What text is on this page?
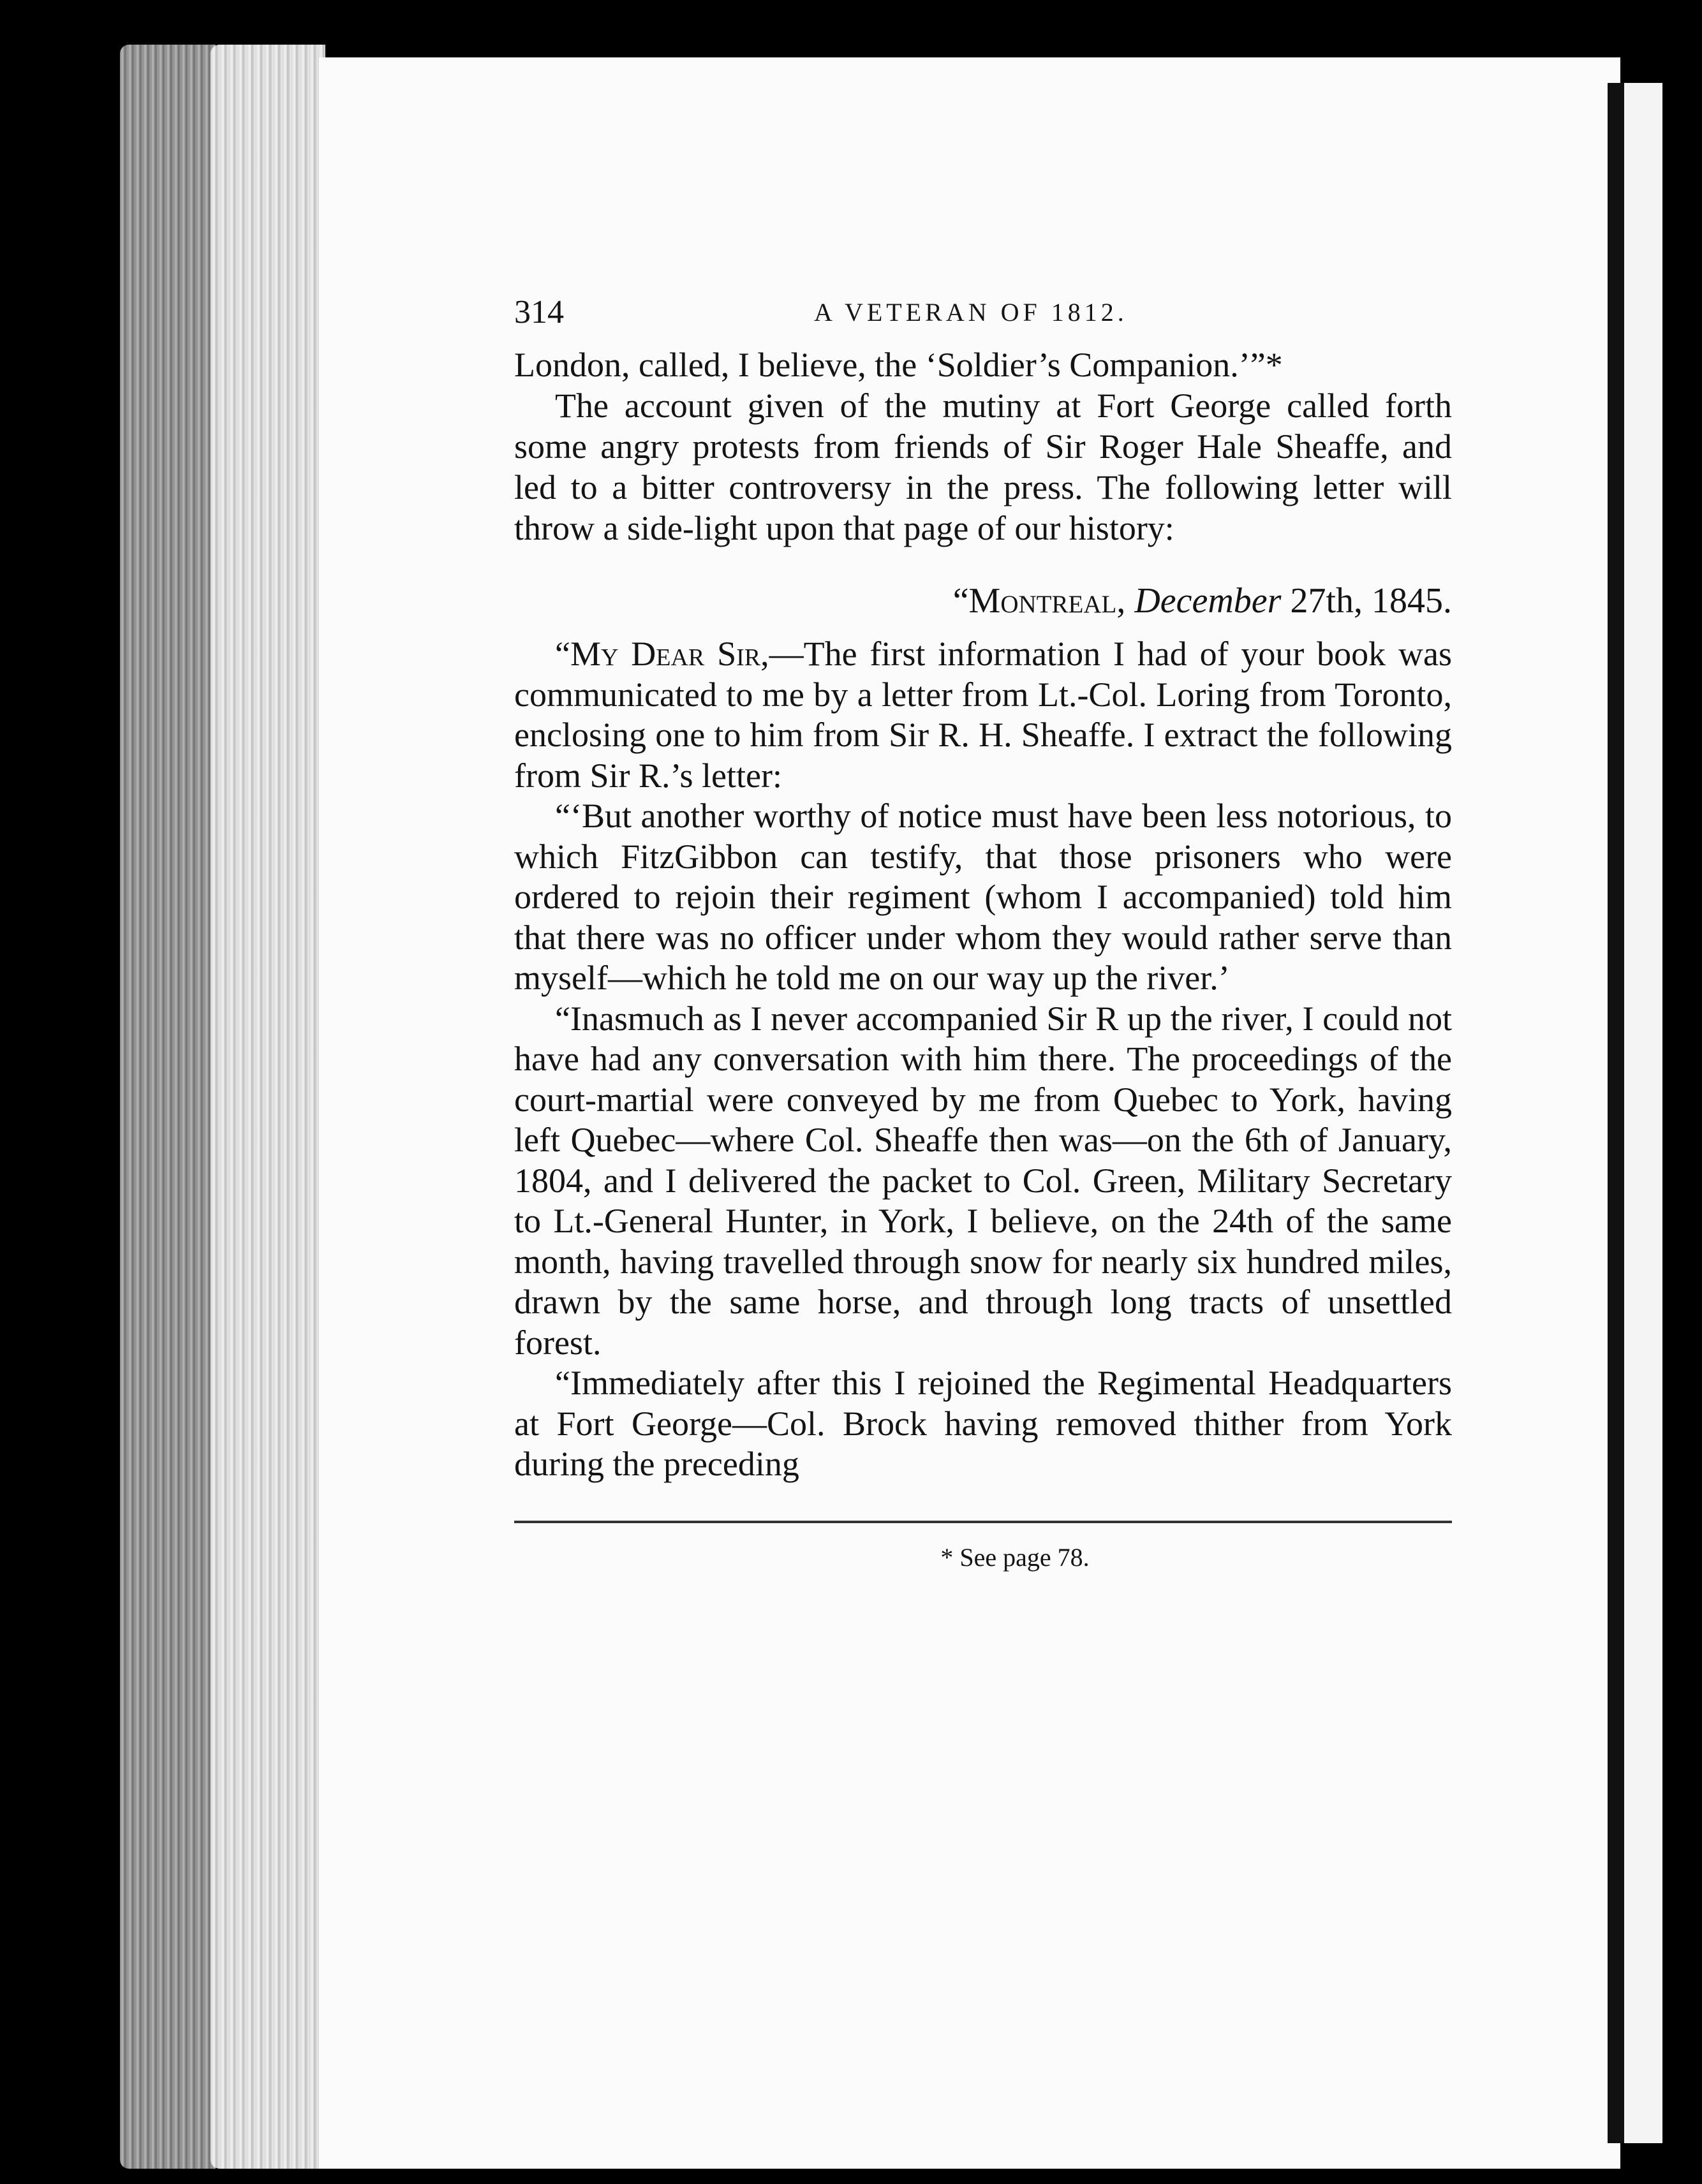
314	A VETERAN OF 1812.

London, called, I believe, the ‘Soldier’s Companion.’”*

The account given of the mutiny at Fort George called forth some angry protests from friends of Sir Roger Hale Sheaffe, and led to a bitter controversy in the press. The following letter will throw a side-light upon that page of our history:

“Montreal, December 27th, 1845.

“My Dear Sir,—The first information I had of your book was communicated to me by a letter from Lt.-Col. Loring from Toronto, enclosing one to him from Sir R. H. Sheaffe. I extract the following from Sir R.’s letter:

“‘But another worthy of notice must have been less notorious, to which FitzGibbon can testify, that those prisoners who were ordered to rejoin their regiment (whom I accompanied) told him that there was no officer under whom they would rather serve than myself—which he told me on our way up the river.’

“Inasmuch as I never accompanied Sir R up the river, I could not have had any conversation with him there. The proceedings of the court-martial were conveyed by me from Quebec to York, having left Quebec—where Col. Sheaffe then was—on the 6th of January, 1804, and I delivered the packet to Col. Green, Military Secretary to Lt.-General Hunter, in York, I believe, on the 24th of the same month, having travelled through snow for nearly six hundred miles, drawn by the same horse, and through long tracts of unsettled forest.

“Immediately after this I rejoined the Regimental Headquarters at Fort George—Col. Brock having removed thither from York during the preceding

* See page 78.
